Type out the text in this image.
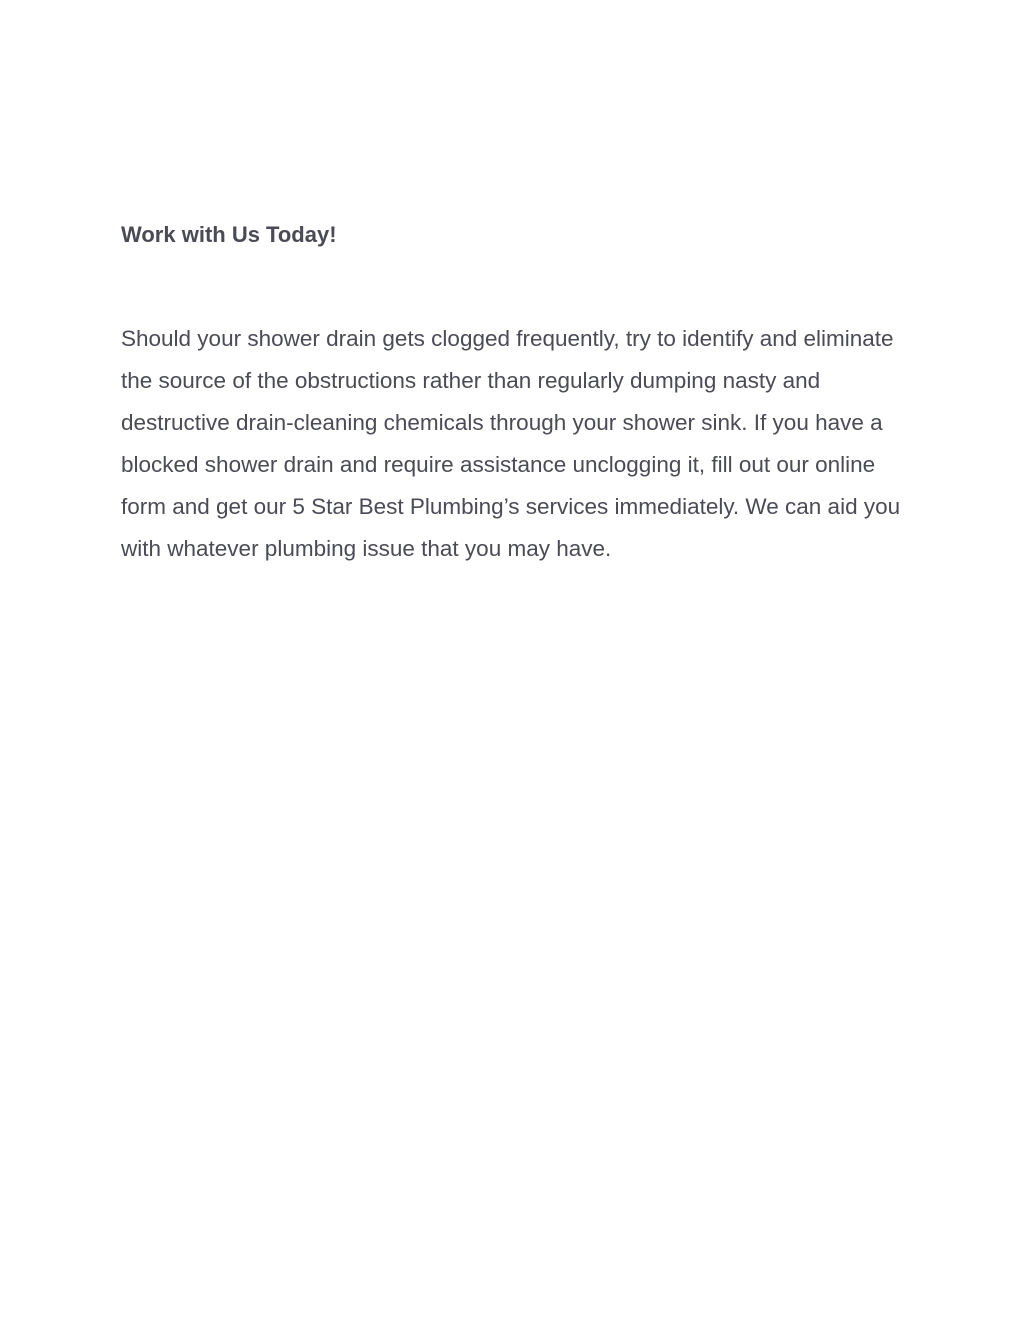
Work with Us Today!

Should your shower drain gets clogged frequently, try to identify and eliminate the source of the obstructions rather than regularly dumping nasty and destructive drain-cleaning chemicals through your shower sink. If you have a blocked shower drain and require assistance unclogging it, fill out our online form and get our 5 Star Best Plumbing’s services immediately. We can aid you with whatever plumbing issue that you may have.
